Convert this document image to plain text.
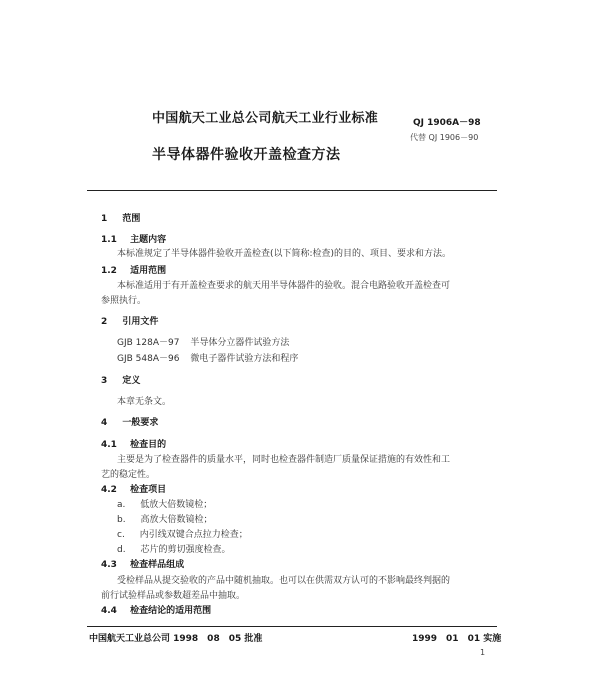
中国航天工业总公司航天工业行业标准	QJ 1906A－98
代替 QJ 1906－90
半导体器件验收开盖检查方法
1 范围
1.1 主题内容
本标准规定了半导体器件验收开盖检查(以下简称:检查)的目的、项目、要求和方法。
1.2 适用范围
本标准适用于有开盖检查要求的航天用半导体器件的验收。混合电路验收开盖检查可
参照执行。
2 引用文件
GJB 128A－97 半导体分立器件试验方法
GJB 548A－96 微电子器件试验方法和程序
3 定义
本章无条文。
4 一般要求
4.1 检查目的
主要是为了检查器件的质量水平，同时也检查器件制造厂质量保证措施的有效性和工
艺的稳定性。
4.2 检查项目
a. 低放大倍数镜检；
b. 高放大倍数镜检；
c. 内引线双键合点拉力检查；
d. 芯片的剪切强度检查。
4.3 检查样品组成
受检样品从提交验收的产品中随机抽取。也可以在供需双方认可的不影响最终判据的
前行试验样品或参数超差品中抽取。
4.4 检查结论的适用范围
中国航天工业总公司 1998　08　05 批准	1999　01　01 实施
1
